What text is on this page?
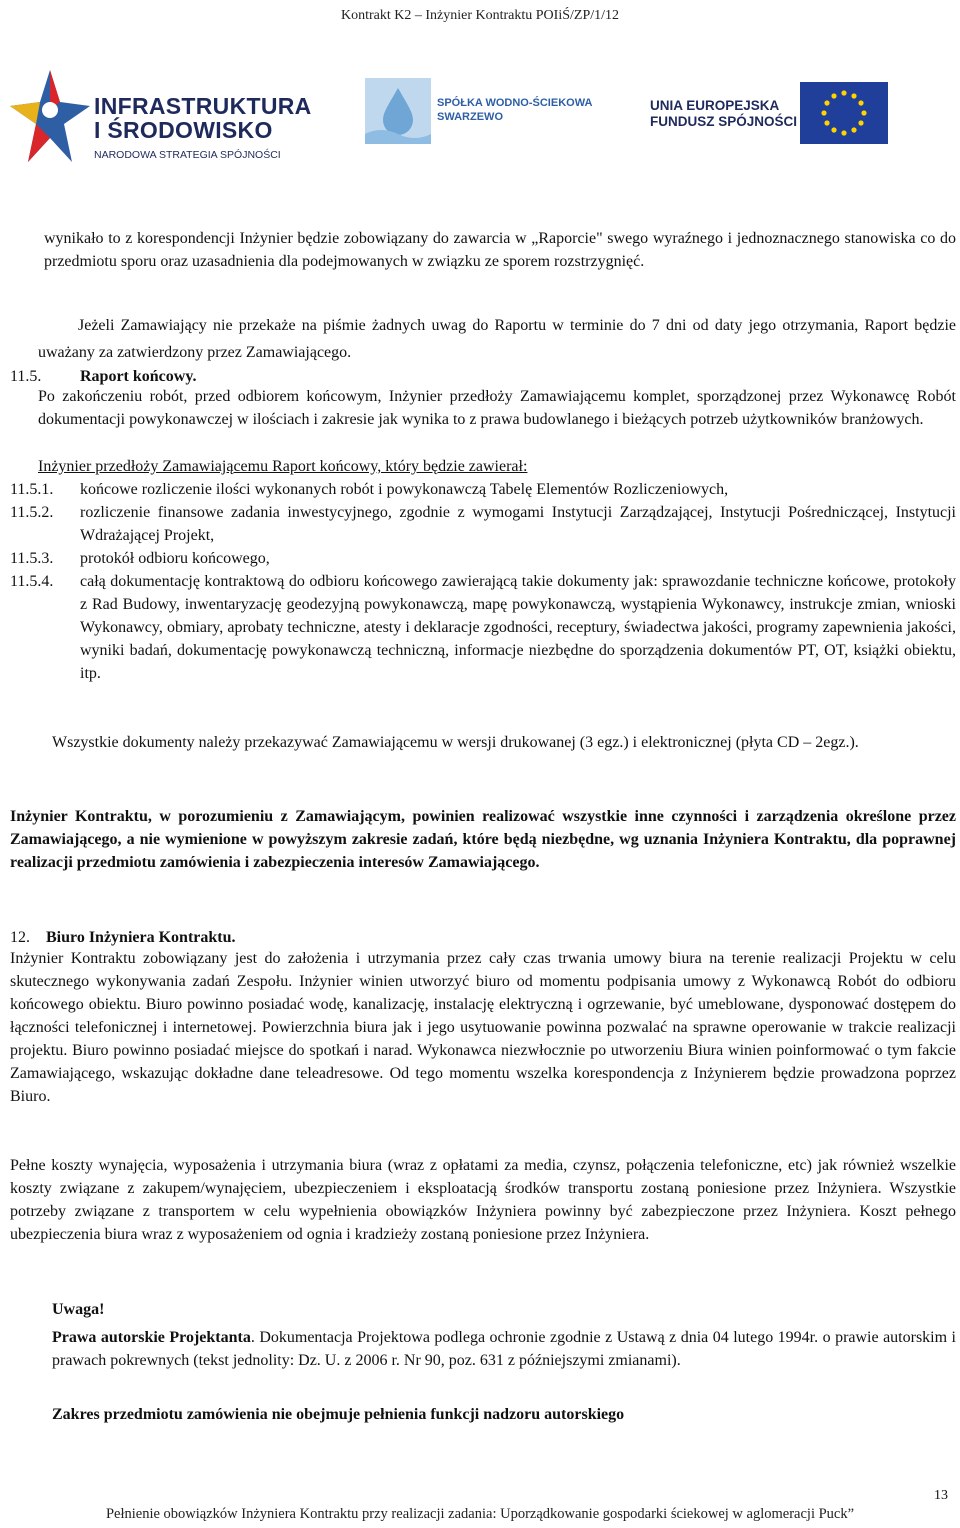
Kontrakt K2 – Inżynier Kontraktu POIiŚ/ZP/1/12
INFRASTRUKTURA
I ŚRODOWISKO
NARODOWA STRATEGIA SPÓJNOŚCI
SPÓŁKA WODNO-ŚCIEKOWA
SWARZEWO
UNIA EUROPEJSKA
FUNDUSZ SPÓJNOŚCI

wynikało to z korespondencji Inżynier będzie zobowiązany do zawarcia w „Raporcie" swego wyraźnego i jednoznacznego stanowiska co do przedmiotu sporu oraz uzasadnienia dla podejmowanych w związku ze sporem rozstrzygnięć.

Jeżeli Zamawiający nie przekaże na piśmie żadnych uwag do Raportu w terminie do 7 dni od daty jego otrzymania, Raport będzie uważany za zatwierdzony przez Zamawiającego.

11.5. Raport końcowy.

Po zakończeniu robót, przed odbiorem końcowym, Inżynier przedłoży Zamawiającemu komplet, sporządzonej przez Wykonawcę Robót dokumentacji powykonawczej w ilościach i zakresie jak wynika to z prawa budowlanego i bieżących potrzeb użytkowników branżowych.

Inżynier przedłoży Zamawiającemu Raport końcowy, który będzie zawierał:

11.5.1. końcowe rozliczenie ilości wykonanych robót i powykonawczą Tabelę Elementów Rozliczeniowych,

11.5.2. rozliczenie finansowe zadania inwestycyjnego, zgodnie z wymogami Instytucji Zarządzającej, Instytucji Pośredniczącej, Instytucji Wdrażającej Projekt,

11.5.3. protokół odbioru końcowego,

11.5.4. całą dokumentację kontraktową do odbioru końcowego zawierającą takie dokumenty jak: sprawozdanie techniczne końcowe, protokoły z Rad Budowy, inwentaryzację geodezyjną powykonawczą, mapę powykonawczą, wystąpienia Wykonawcy, instrukcje zmian, wnioski Wykonawcy, obmiary, aprobaty techniczne, atesty i deklaracje zgodności, receptury, świadectwa jakości, programy zapewnienia jakości, wyniki badań, dokumentację powykonawczą techniczną, informacje niezbędne do sporządzenia dokumentów PT, OT, książki obiektu, itp.

Wszystkie dokumenty należy przekazywać Zamawiającemu w wersji drukowanej (3 egz.) i elektronicznej (płyta CD – 2egz.).

Inżynier Kontraktu, w porozumieniu z Zamawiającym, powinien realizować wszystkie inne czynności i zarządzenia określone przez Zamawiającego, a nie wymienione w powyższym zakresie zadań, które będą niezbędne, wg uznania Inżyniera Kontraktu, dla poprawnej realizacji przedmiotu zamówienia i zabezpieczenia interesów Zamawiającego.

12. Biuro Inżyniera Kontraktu.

Inżynier Kontraktu zobowiązany jest do założenia i utrzymania przez cały czas trwania umowy biura na terenie realizacji Projektu w celu skutecznego wykonywania zadań Zespołu. Inżynier winien utworzyć biuro od momentu podpisania umowy z Wykonawcą Robót do odbioru końcowego obiektu. Biuro powinno posiadać wodę, kanalizację, instalację elektryczną i ogrzewanie, być umeblowane, dysponować dostępem do łączności telefonicznej i internetowej. Powierzchnia biura jak i jego usytuowanie powinna pozwalać na sprawne operowanie w trakcie realizacji projektu. Biuro powinno posiadać miejsce do spotkań i narad. Wykonawca niezwłocznie po utworzeniu Biura winien poinformować o tym fakcie Zamawiającego, wskazując dokładne dane teleadresowe. Od tego momentu wszelka korespondencja z Inżynierem będzie prowadzona poprzez Biuro.

Pełne koszty wynajęcia, wyposażenia i utrzymania biura (wraz z opłatami za media, czynsz, połączenia telefoniczne, etc) jak również wszelkie koszty związane z zakupem/wynajęciem, ubezpieczeniem i eksploatacją środków transportu zostaną poniesione przez Inżyniera. Wszystkie potrzeby związane z transportem w celu wypełnienia obowiązków Inżyniera powinny być zabezpieczone przez Inżyniera. Koszt pełnego ubezpieczenia biura wraz z wyposażeniem od ognia i kradzieży zostaną poniesione przez Inżyniera.

Uwaga!

Prawa autorskie Projektanta. Dokumentacja Projektowa podlega ochronie zgodnie z Ustawą z dnia 04 lutego 1994r. o prawie autorskim i prawach pokrewnych (tekst jednolity: Dz. U. z 2006 r. Nr 90, poz. 631 z późniejszymi zmianami).

Zakres przedmiotu zamówienia nie obejmuje pełnienia funkcji nadzoru autorskiego

13
Pełnienie obowiązków Inżyniera Kontraktu przy realizacji zadania: Uporządkowanie gospodarki ściekowej w aglomeracji Puck”
